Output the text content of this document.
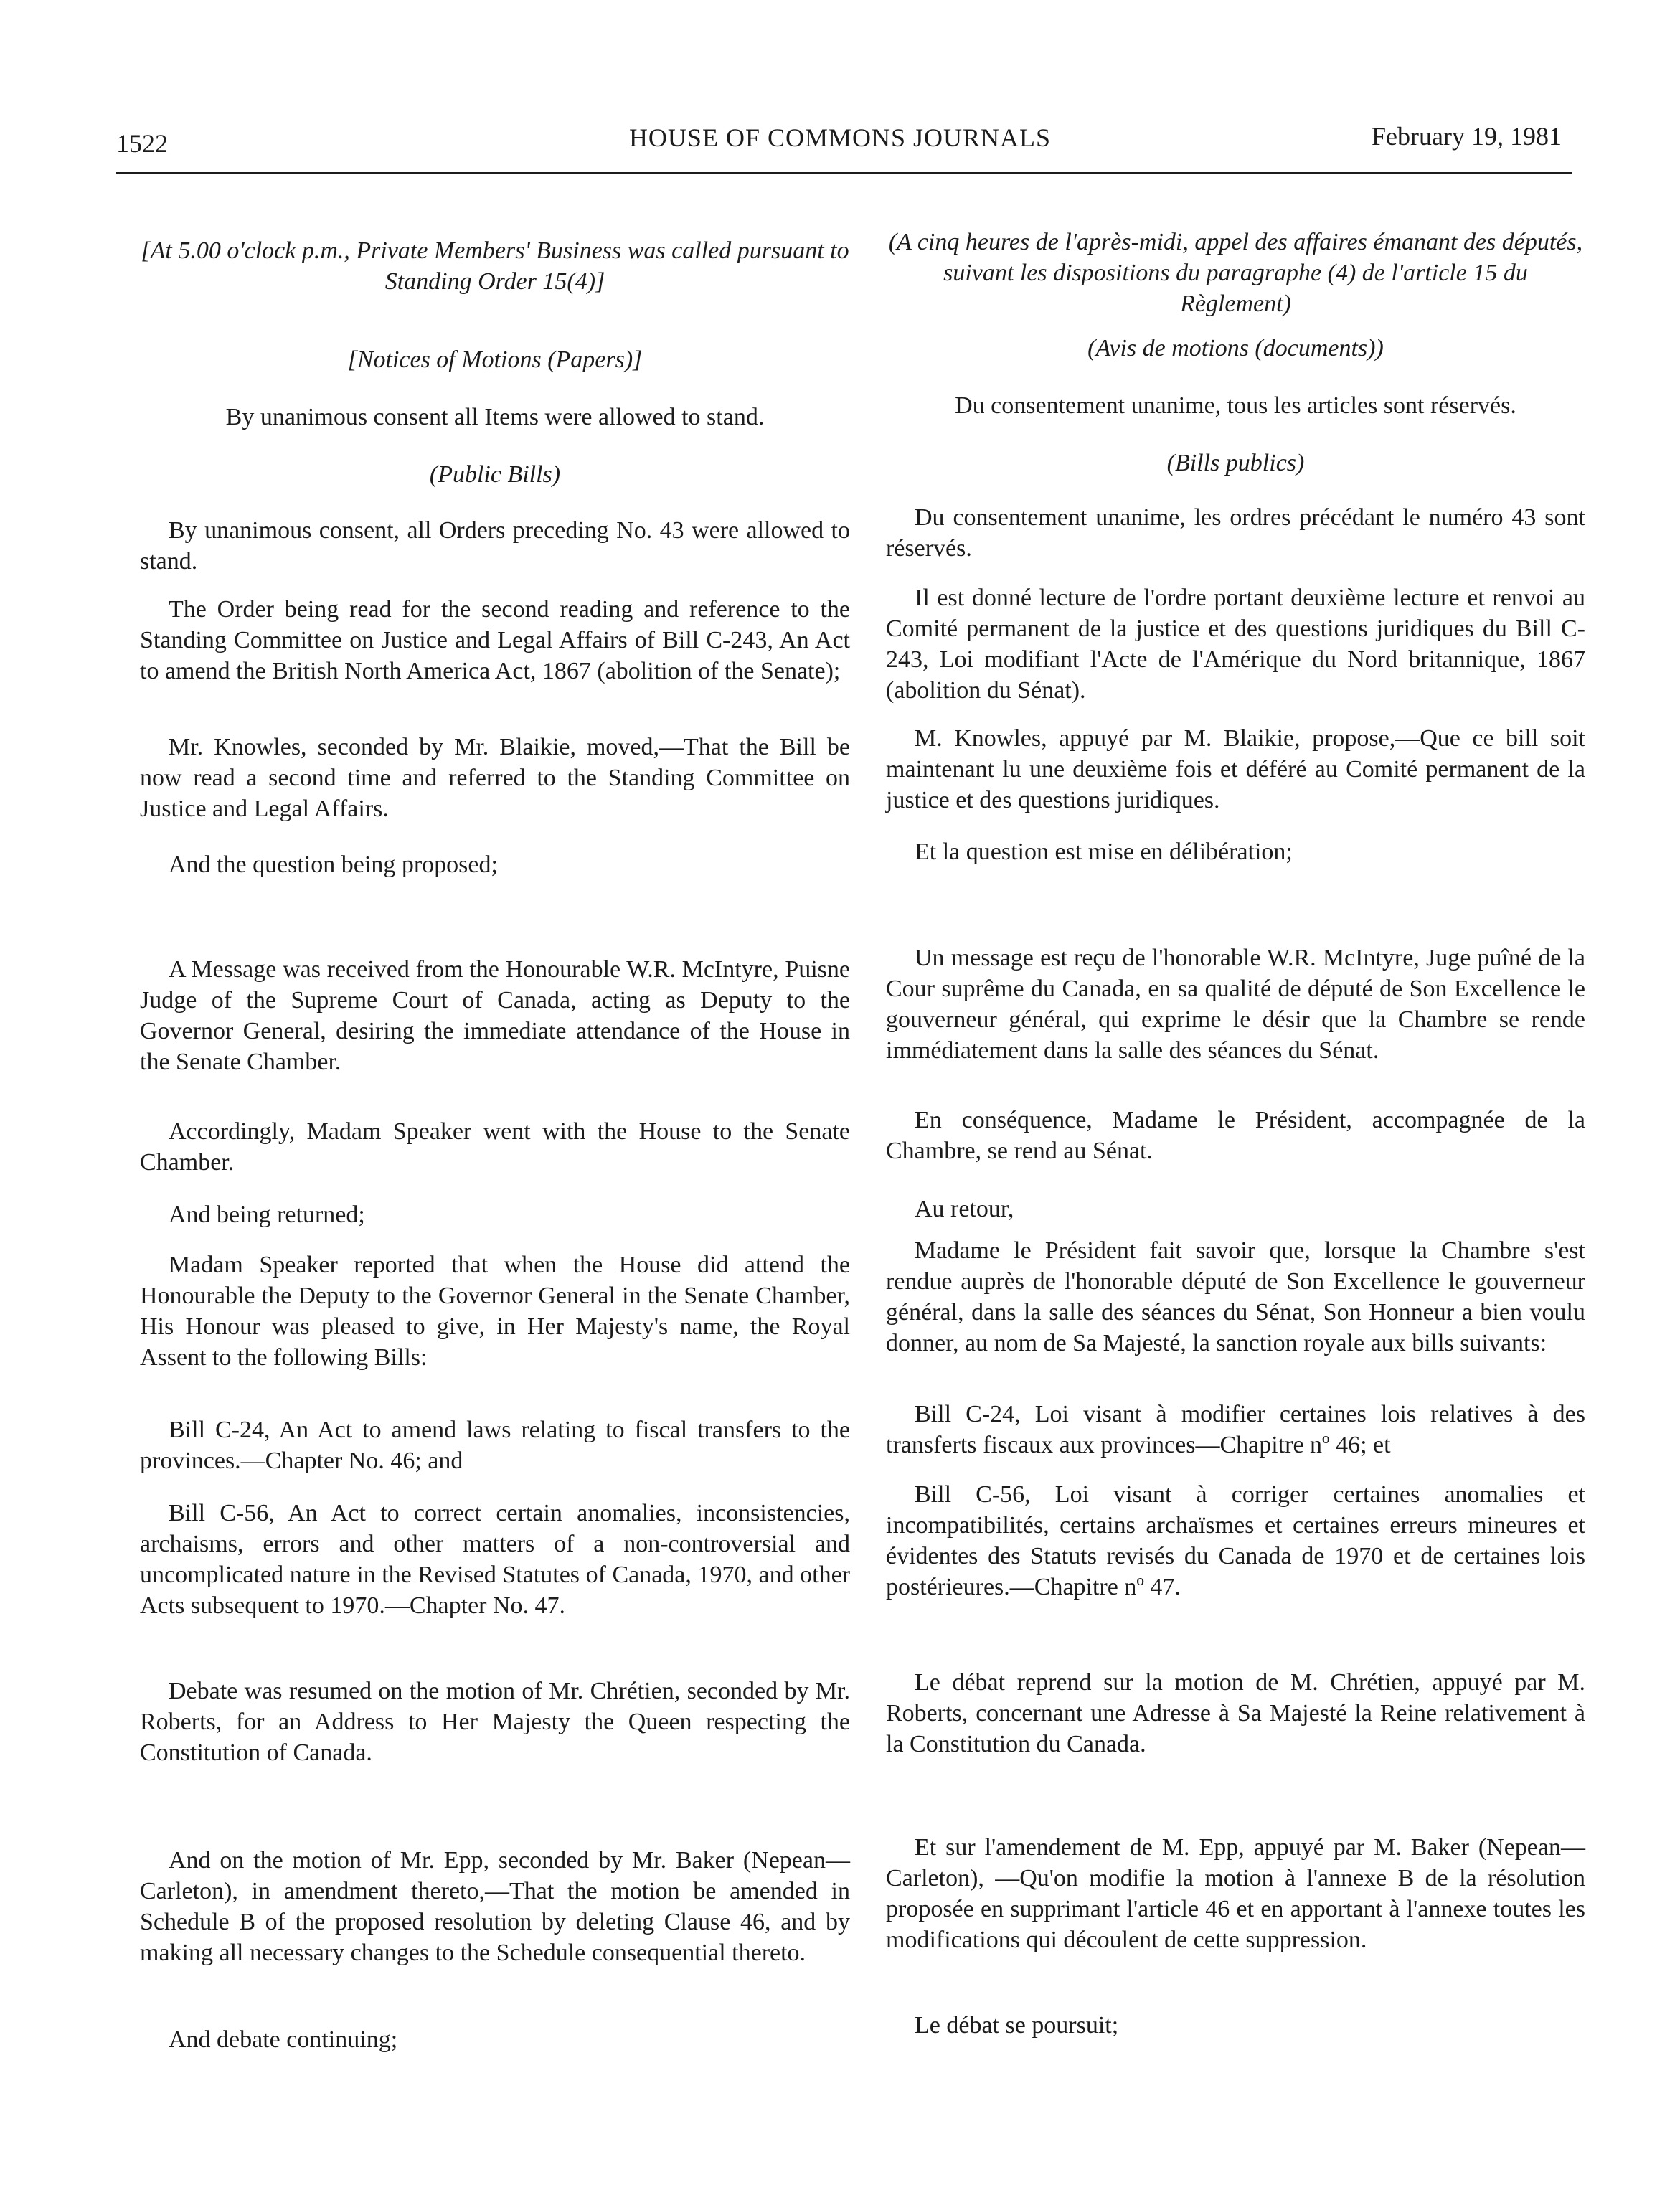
1522	HOUSE OF COMMONS JOURNALS	February 19, 1981

[At 5.00 o'clock p.m., Private Members' Business was called pursuant to Standing Order 15(4)]

[Notices of Motions (Papers)]

By unanimous consent all Items were allowed to stand.

(Public Bills)

By unanimous consent, all Orders preceding No. 43 were allowed to stand.

The Order being read for the second reading and reference to the Standing Committee on Justice and Legal Affairs of Bill C-243, An Act to amend the British North America Act, 1867 (abolition of the Senate);

Mr. Knowles, seconded by Mr. Blaikie, moved,—That the Bill be now read a second time and referred to the Standing Committee on Justice and Legal Affairs.

And the question being proposed;

A Message was received from the Honourable W.R. McIntyre, Puisne Judge of the Supreme Court of Canada, acting as Deputy to the Governor General, desiring the immediate attendance of the House in the Senate Chamber.

Accordingly, Madam Speaker went with the House to the Senate Chamber.

And being returned;

Madam Speaker reported that when the House did attend the Honourable the Deputy to the Governor General in the Senate Chamber, His Honour was pleased to give, in Her Majesty's name, the Royal Assent to the following Bills:

Bill C-24, An Act to amend laws relating to fiscal transfers to the provinces.—Chapter No. 46; and

Bill C-56, An Act to correct certain anomalies, inconsistencies, archaisms, errors and other matters of a non-controversial and uncomplicated nature in the Revised Statutes of Canada, 1970, and other Acts subsequent to 1970.—Chapter No. 47.

Debate was resumed on the motion of Mr. Chrétien, seconded by Mr. Roberts, for an Address to Her Majesty the Queen respecting the Constitution of Canada.

And on the motion of Mr. Epp, seconded by Mr. Baker (Nepean—Carleton), in amendment thereto,—That the motion be amended in Schedule B of the proposed resolution by deleting Clause 46, and by making all necessary changes to the Schedule consequential thereto.

And debate continuing;

(A cinq heures de l'après-midi, appel des affaires émanant des députés, suivant les dispositions du paragraphe (4) de l'article 15 du Règlement)

(Avis de motions (documents))

Du consentement unanime, tous les articles sont réservés.

(Bills publics)

Du consentement unanime, les ordres précédant le numéro 43 sont réservés.

Il est donné lecture de l'ordre portant deuxième lecture et renvoi au Comité permanent de la justice et des questions juridiques du Bill C-243, Loi modifiant l'Acte de l'Amérique du Nord britannique, 1867 (abolition du Sénat).

M. Knowles, appuyé par M. Blaikie, propose,—Que ce bill soit maintenant lu une deuxième fois et déféré au Comité permanent de la justice et des questions juridiques.

Et la question est mise en délibération;

Un message est reçu de l'honorable W.R. McIntyre, Juge puîné de la Cour suprême du Canada, en sa qualité de député de Son Excellence le gouverneur général, qui exprime le désir que la Chambre se rende immédiatement dans la salle des séances du Sénat.

En conséquence, Madame le Président, accompagnée de la Chambre, se rend au Sénat.

Au retour,

Madame le Président fait savoir que, lorsque la Chambre s'est rendue auprès de l'honorable député de Son Excellence le gouverneur général, dans la salle des séances du Sénat, Son Honneur a bien voulu donner, au nom de Sa Majesté, la sanction royale aux bills suivants:

Bill C-24, Loi visant à modifier certaines lois relatives à des transferts fiscaux aux provinces—Chapitre nº 46; et

Bill C-56, Loi visant à corriger certaines anomalies et incompatibilités, certains archaïsmes et certaines erreurs mineures et évidentes des Statuts revisés du Canada de 1970 et de certaines lois postérieures.—Chapitre nº 47.

Le débat reprend sur la motion de M. Chrétien, appuyé par M. Roberts, concernant une Adresse à Sa Majesté la Reine relativement à la Constitution du Canada.

Et sur l'amendement de M. Epp, appuyé par M. Baker (Nepean—Carleton), —Qu'on modifie la motion à l'annexe B de la résolution proposée en supprimant l'article 46 et en apportant à l'annexe toutes les modifications qui découlent de cette suppression.

Le débat se poursuit;
